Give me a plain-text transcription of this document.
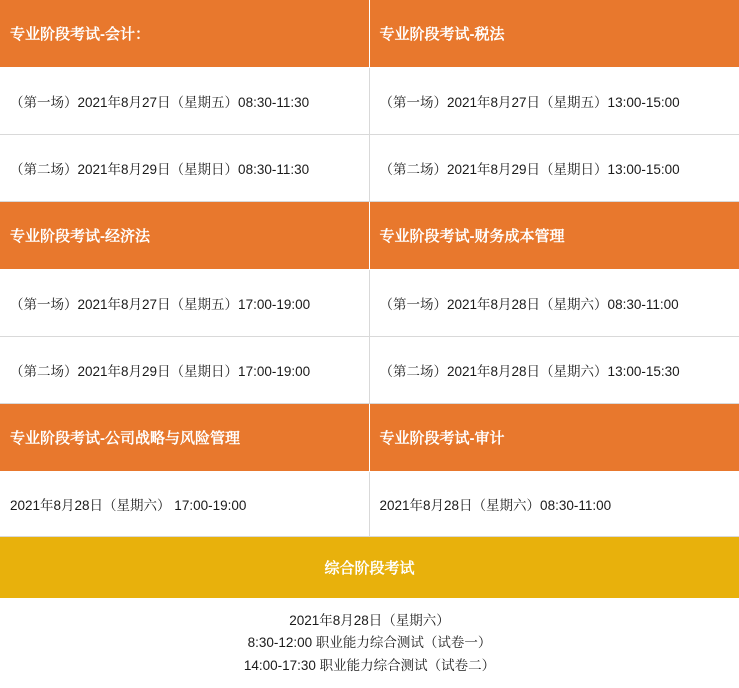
专业阶段考试-会计：	专业阶段考试-税法
（第一场）2021年8月27日（星期五）08:30-11:30	（第一场）2021年8月27日（星期五）13:00-15:00
（第二场）2021年8月29日（星期日）08:30-11:30	（第二场）2021年8月29日（星期日）13:00-15:00
专业阶段考试-经济法	专业阶段考试-财务成本管理
（第一场）2021年8月27日（星期五）17:00-19:00	（第一场）2021年8月28日（星期六）08:30-11:00
（第二场）2021年8月29日（星期日）17:00-19:00	（第二场）2021年8月28日（星期六）13:00-15:30
专业阶段考试-公司战略与风险管理	专业阶段考试-审计
2021年8月28日（星期六） 17:00-19:00	2021年8月28日（星期六）08:30-11:00
综合阶段考试
2021年8月28日（星期六）
8:30-12:00 职业能力综合测试（试卷一）
14:00-17:30 职业能力综合测试（试卷二）
